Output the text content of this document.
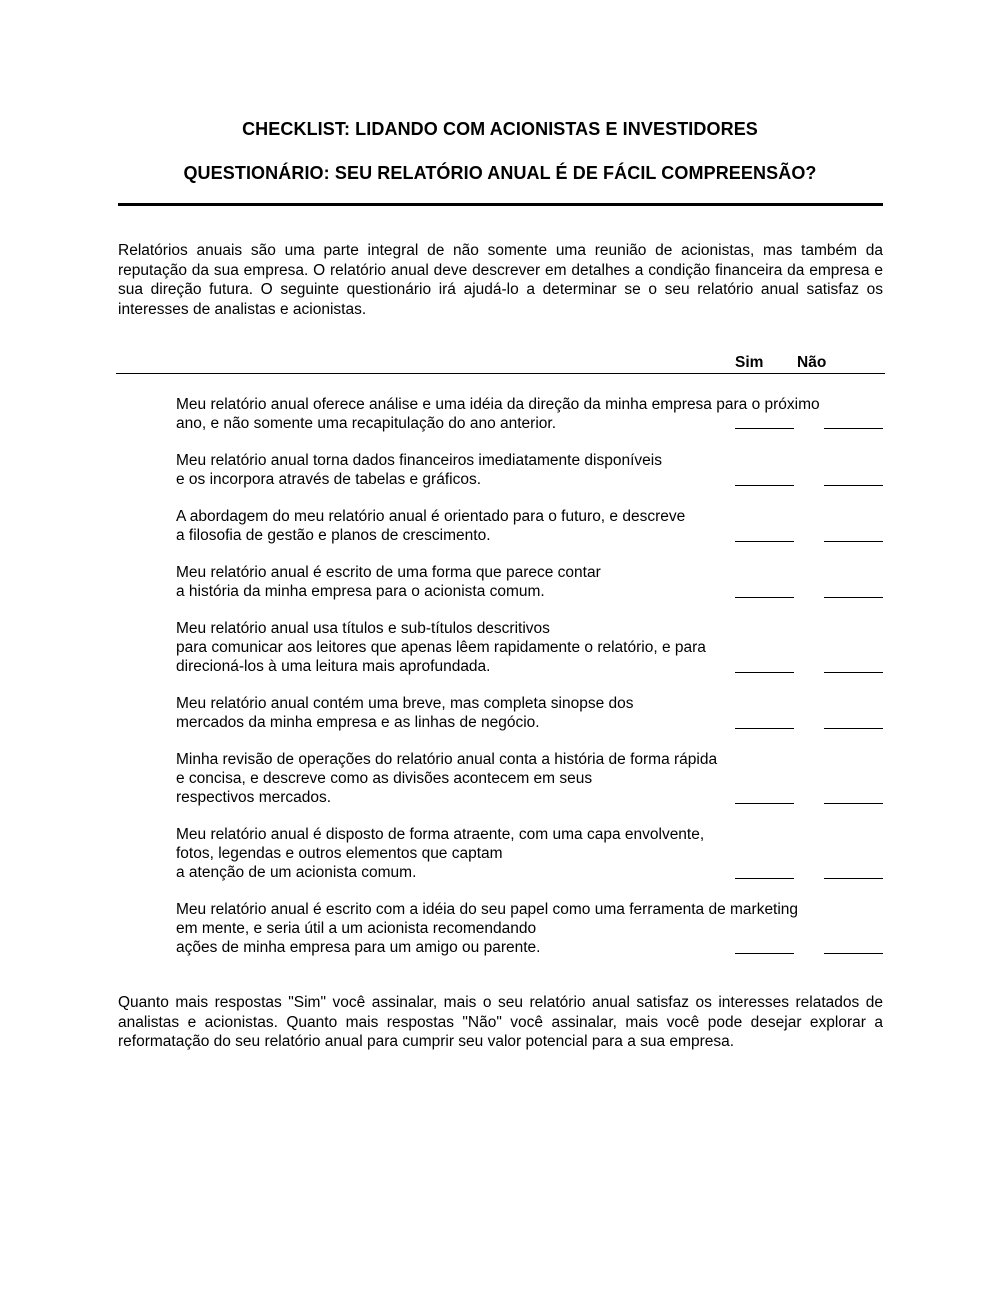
CHECKLIST: LIDANDO COM ACIONISTAS E INVESTIDORES
QUESTIONÁRIO: SEU RELATÓRIO ANUAL É DE FÁCIL COMPREENSÃO?
Relatórios anuais são uma parte integral de não somente uma reunião de acionistas, mas também da reputação da sua empresa. O relatório anual deve descrever em detalhes a condição financeira da empresa e sua direção futura. O seguinte questionário irá ajudá-lo a determinar se o seu relatório anual satisfaz os interesses de analistas e acionistas.
Sim Não
Meu relatório anual oferece análise e uma idéia da direção da minha empresa para o próximo
ano, e não somente uma recapitulação do ano anterior.
Meu relatório anual torna dados financeiros imediatamente disponíveis
e os incorpora através de tabelas e gráficos.
A abordagem do meu relatório anual é orientado para o futuro, e descreve
a filosofia de gestão e planos de crescimento.
Meu relatório anual é escrito de uma forma que parece contar
a história da minha empresa para o acionista comum.
Meu relatório anual usa títulos e sub-títulos descritivos
para comunicar aos leitores que apenas lêem rapidamente o relatório, e para
direcioná-los à uma leitura mais aprofundada.
Meu relatório anual contém uma breve, mas completa sinopse dos
mercados da minha empresa e as linhas de negócio.
Minha revisão de operações do relatório anual conta a história de forma rápida
e concisa, e descreve como as divisões acontecem em seus
respectivos mercados.
Meu relatório anual é disposto de forma atraente, com uma capa envolvente,
fotos, legendas e outros elementos que captam
a atenção de um acionista comum.
Meu relatório anual é escrito com a idéia do seu papel como uma ferramenta de marketing
em mente, e seria útil a um acionista recomendando
ações de minha empresa para um amigo ou parente.
Quanto mais respostas "Sim" você assinalar, mais o seu relatório anual satisfaz os interesses relatados de analistas e acionistas. Quanto mais respostas "Não" você assinalar, mais você pode desejar explorar a reformatação do seu relatório anual para cumprir seu valor potencial para a sua empresa.
